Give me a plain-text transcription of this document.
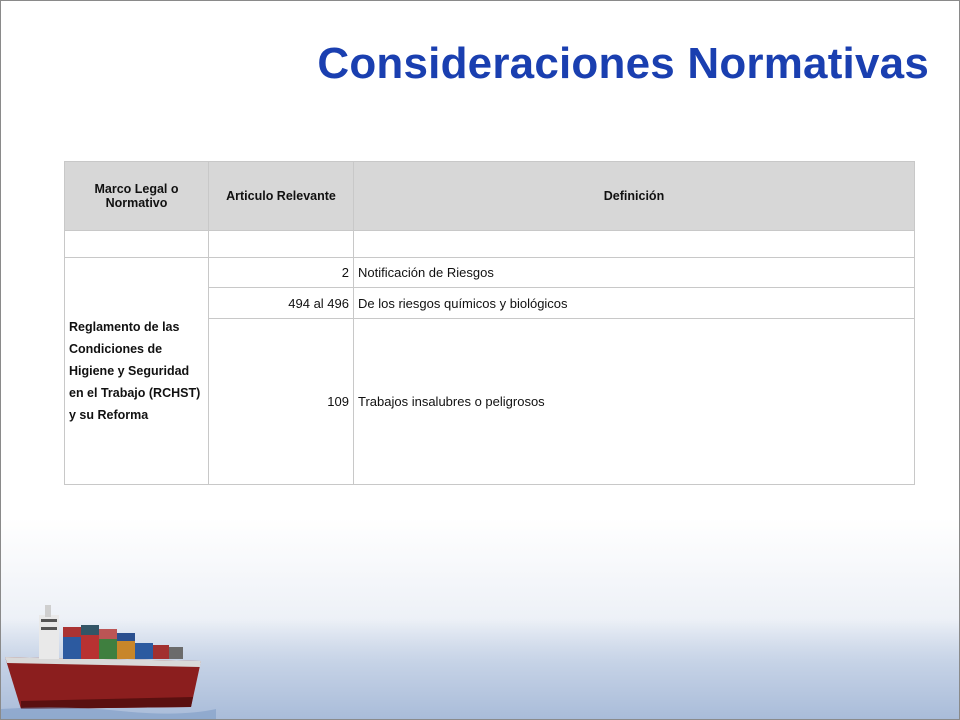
Consideraciones Normativas
Marco Legal o Normativo	Articulo Relevante	Definición

Reglamento de las Condiciones de Higiene y Seguridad en el Trabajo (RCHST) y su Reforma	2	Notificación de Riesgos
	494 al 496	De los riesgos químicos y biológicos
	109	Trabajos insalubres o peligrosos
